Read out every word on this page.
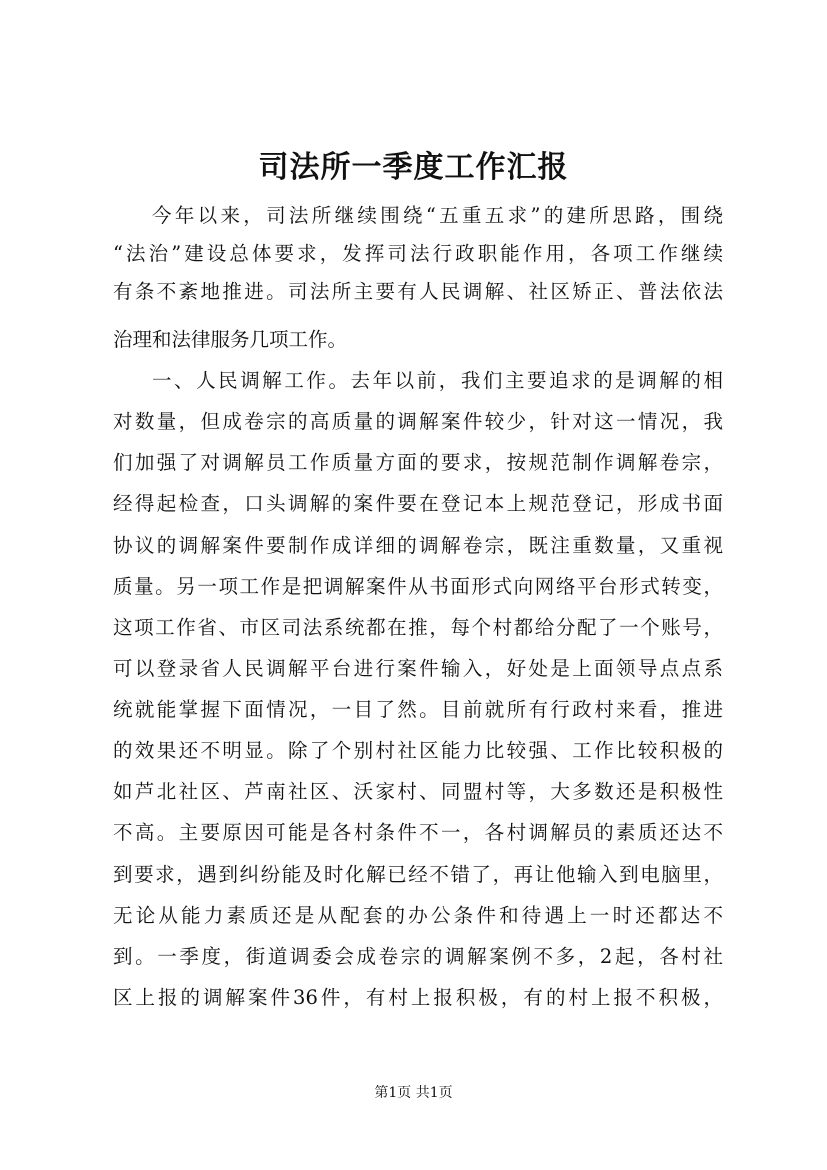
司法所一季度工作汇报
今年以来，司法所继续围绕“五重五求”的建所思路，围绕
“法治”建设总体要求，发挥司法行政职能作用，各项工作继续
有条不紊地推进。司法所主要有人民调解、社区矫正、普法依法
治理和法律服务几项工作。
一、人民调解工作。去年以前，我们主要追求的是调解的相
对数量，但成卷宗的高质量的调解案件较少，针对这一情况，我
们加强了对调解员工作质量方面的要求，按规范制作调解卷宗，
经得起检查，口头调解的案件要在登记本上规范登记，形成书面
协议的调解案件要制作成详细的调解卷宗，既注重数量，又重视
质量。另一项工作是把调解案件从书面形式向网络平台形式转变，
这项工作省、市区司法系统都在推，每个村都给分配了一个账号，
可以登录省人民调解平台进行案件输入，好处是上面领导点点系
统就能掌握下面情况，一目了然。目前就所有行政村来看，推进
的效果还不明显。除了个别村社区能力比较强、工作比较积极的
如芦北社区、芦南社区、沃家村、同盟村等，大多数还是积极性
不高。主要原因可能是各村条件不一，各村调解员的素质还达不
到要求，遇到纠纷能及时化解已经不错了，再让他输入到电脑里，
无论从能力素质还是从配套的办公条件和待遇上一时还都达不
到。一季度，街道调委会成卷宗的调解案例不多，2起，各村社
区上报的调解案件36件，有村上报积极，有的村上报不积极，
第1页 共1页
